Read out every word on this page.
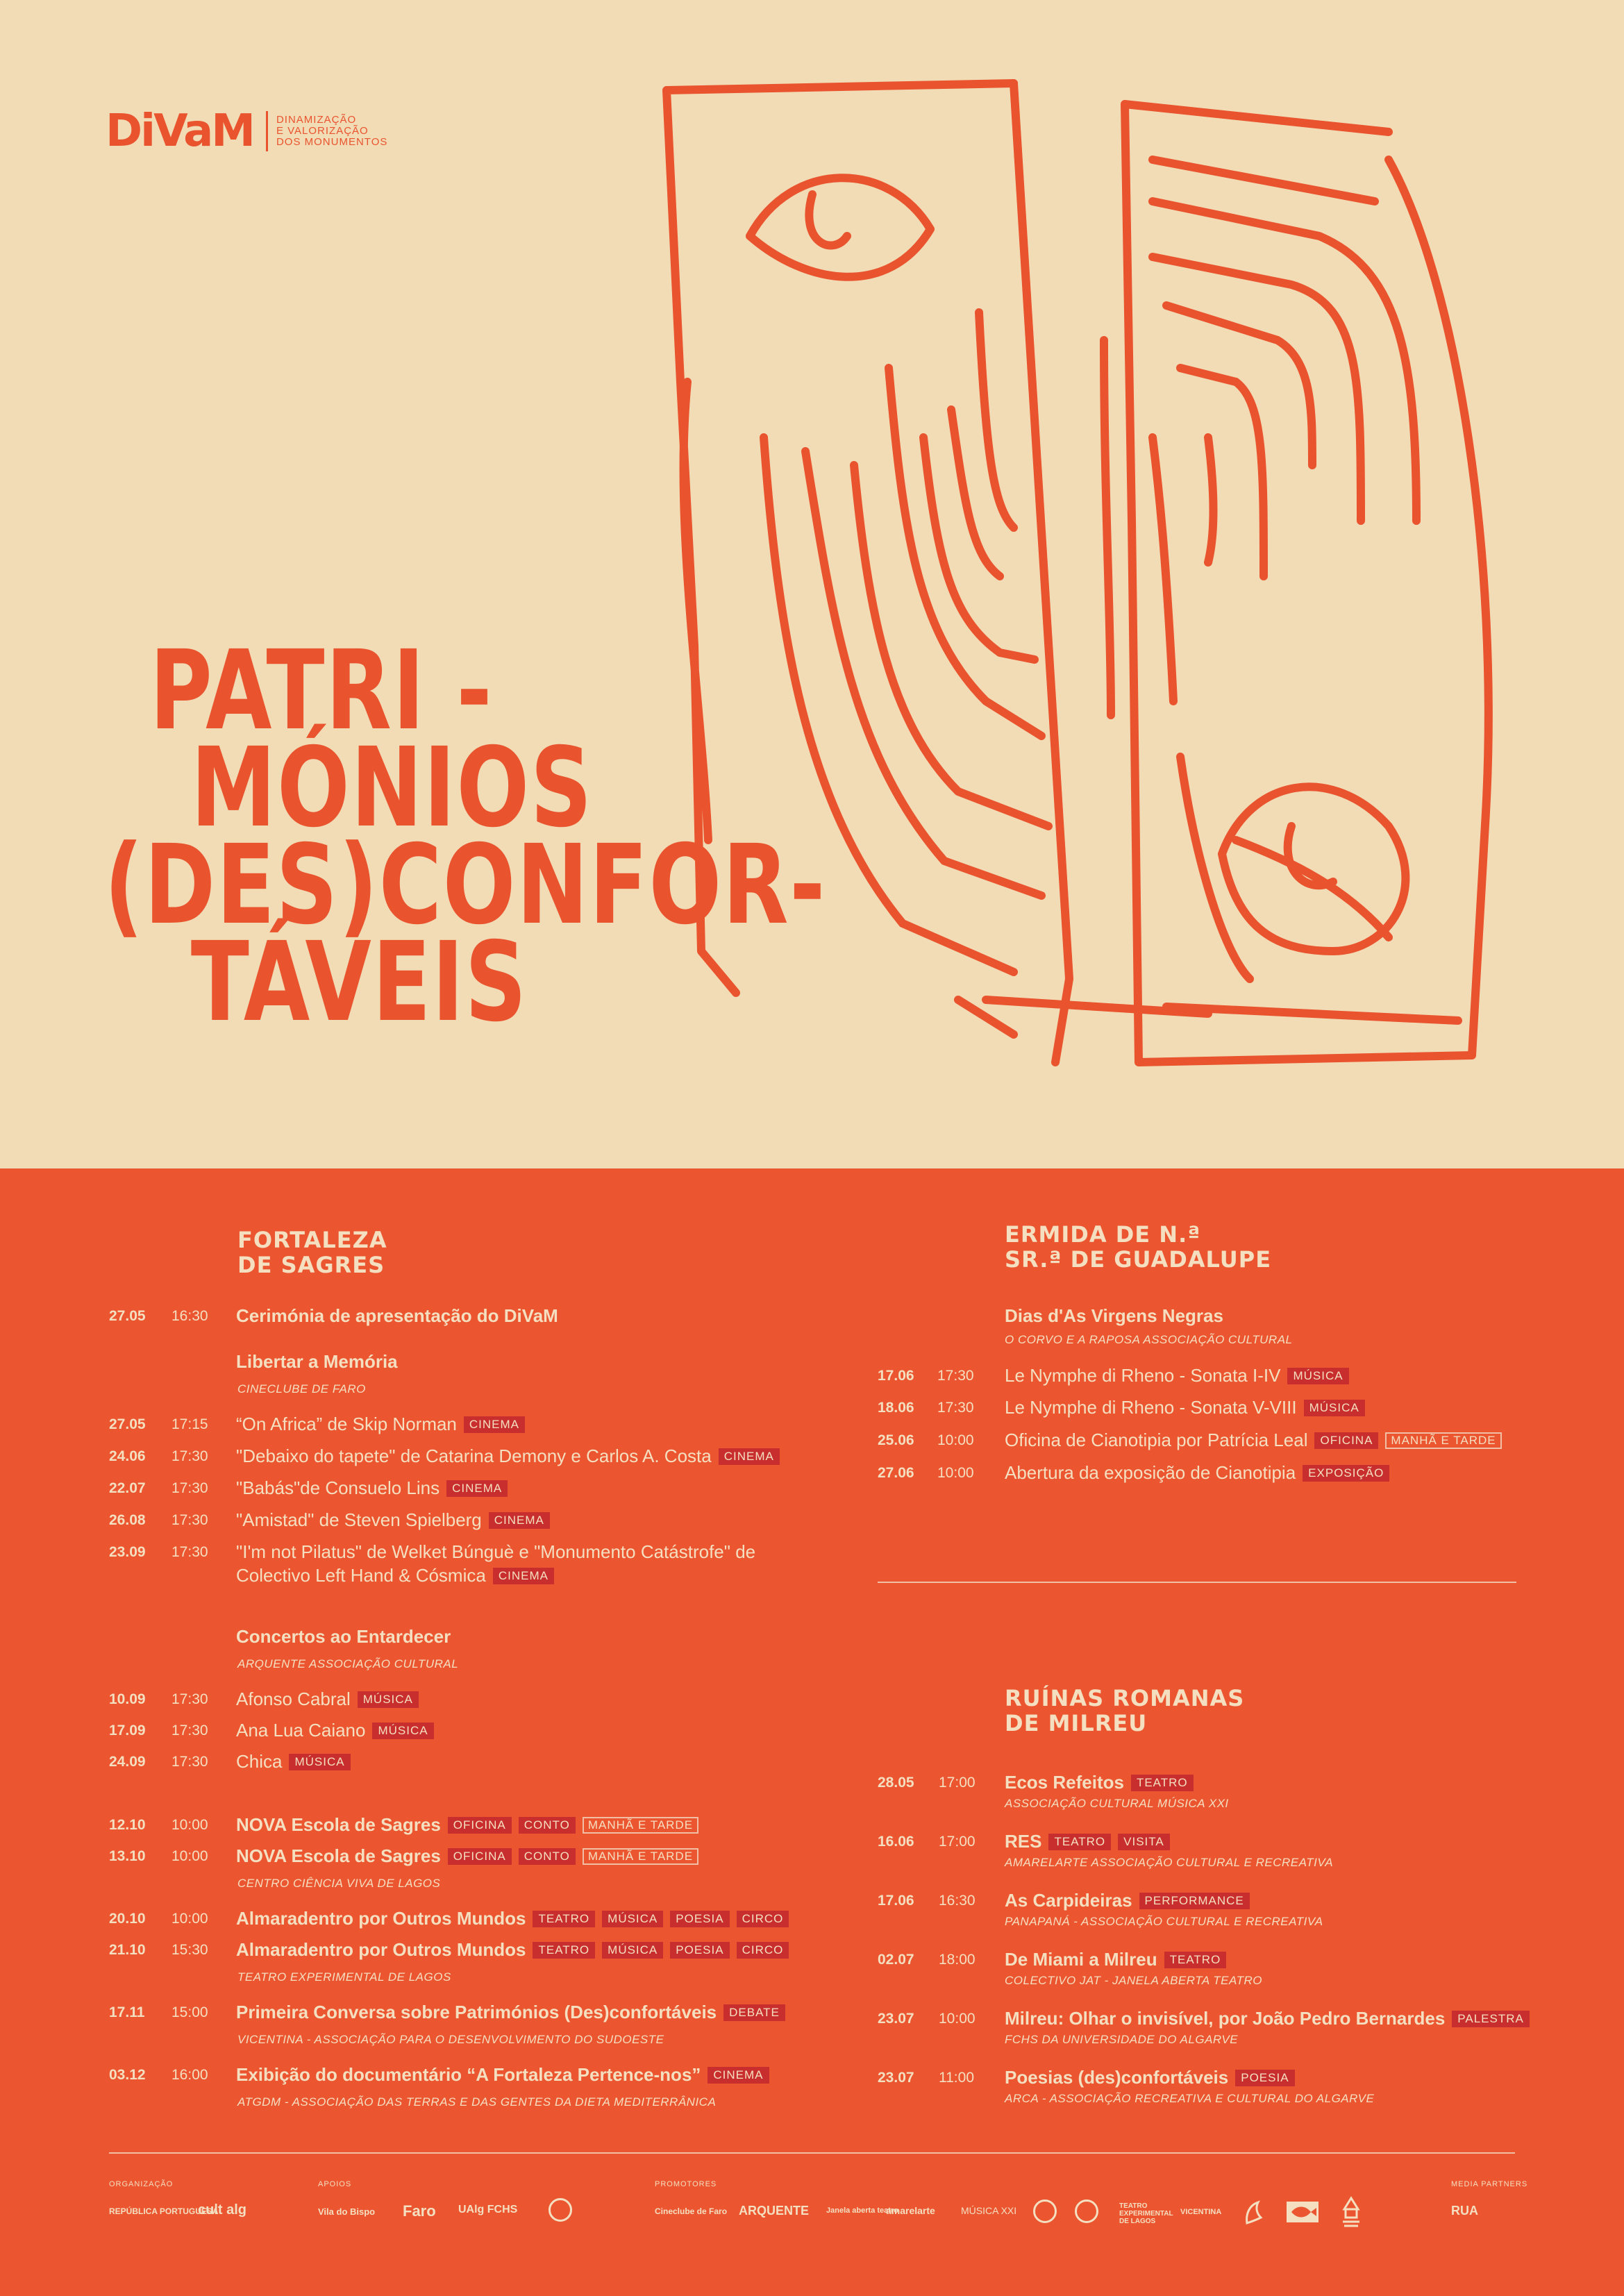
DiVaM DINAMIZAÇÃO
E VALORIZAÇÃO
DOS MONUMENTOS
PATRI -
MÓNIOS
(DES)CONFOR-
TÁVEIS
FORTALEZA
DE SAGRES
27.05 16:30 Cerimónia de apresentação do DiVaM
Libertar a Memória
CINECLUBE DE FARO
27.05 17:15 “On Africa” de Skip Norman	CINEMA
24.06 17:30 "Debaixo do tapete" de Catarina Demony e Carlos A. Costa	CINEMA
22.07 17:30 "Babás"de Consuelo Lins	CINEMA
26.08 17:30 "Amistad" de Steven Spielberg	CINEMA
23.09 17:30 "I'm not Pilatus" de Welket Búnguè e "Monumento Catástrofe" de
Colectivo Left Hand & Cósmica	CINEMA
Concertos ao Entardecer
ARQUENTE ASSOCIAÇÃO CULTURAL
10.09 17:30 Afonso Cabral	MÚSICA
17.09 17:30 Ana Lua Caiano	MÚSICA
24.09 17:30 Chica	MÚSICA
12.10 10:00 NOVA Escola de Sagres	OFICINA	CONTO	MANHÃ E TARDE
13.10 10:00 NOVA Escola de Sagres	OFICINA	CONTO	MANHÃ E TARDE
CENTRO CIÊNCIA VIVA DE LAGOS
20.10 10:00 Almaradentro por Outros Mundos	TEATRO	MÚSICA	POESIA	CIRCO
21.10 15:30 Almaradentro por Outros Mundos	TEATRO	MÚSICA	POESIA	CIRCO
TEATRO EXPERIMENTAL DE LAGOS
17.11 15:00 Primeira Conversa sobre Patrimónios (Des)confortáveis	DEBATE
VICENTINA - ASSOCIAÇÃO PARA O DESENVOLVIMENTO DO SUDOESTE
03.12 16:00 Exibição do documentário “A Fortaleza Pertence-nos”	CINEMA
ATGDM - ASSOCIAÇÃO DAS TERRAS E DAS GENTES DA DIETA MEDITERRÂNICA
ERMIDA DE N.ª
SR.ª DE GUADALUPE
Dias d'As Virgens Negras
O CORVO E A RAPOSA ASSOCIAÇÃO CULTURAL
17.06 17:30 Le Nymphe di Rheno - Sonata I-IV	MÚSICA
18.06 17:30 Le Nymphe di Rheno - Sonata V-VIII	MÚSICA
25.06 10:00 Oficina de Cianotipia por Patrícia Leal	OFICINA	MANHÃ E TARDE
27.06 10:00 Abertura da exposição de Cianotipia	EXPOSIÇÃO
RUÍNAS ROMANAS
DE MILREU
28.05 17:00 Ecos Refeitos	TEATRO
ASSOCIAÇÃO CULTURAL MÚSICA XXI
16.06 17:00 RES	TEATRO	VISITA
AMARELARTE ASSOCIAÇÃO CULTURAL E RECREATIVA
17.06 16:30 As Carpideiras	PERFORMANCE
PANAPANÁ - ASSOCIAÇÃO CULTURAL E RECREATIVA
02.07 18:00 De Miami a Milreu	TEATRO
COLECTIVO JAT - JANELA ABERTA TEATRO
23.07 10:00 Milreu: Olhar o invisível, por João Pedro Bernardes	PALESTRA
FCHS DA UNIVERSIDADE DO ALGARVE
23.07 11:00 Poesias (des)confortáveis	POESIA
ARCA - ASSOCIAÇÃO RECREATIVA E CULTURAL DO ALGARVE
ORGANIZAÇÃO	APOIOS	PROMOTORES	MEDIA PARTNERS
REPÚBLICA PORTUGUESA
cult alg	Vila do Bispo Faro UAlg FCHS	Cineclube de Faro ARQUENTE Janela aberta teatro
amarelarte	MÚSICA XXI	TEATRO EXPERIMENTAL DE LAGOS
VICENTINA	RUA
